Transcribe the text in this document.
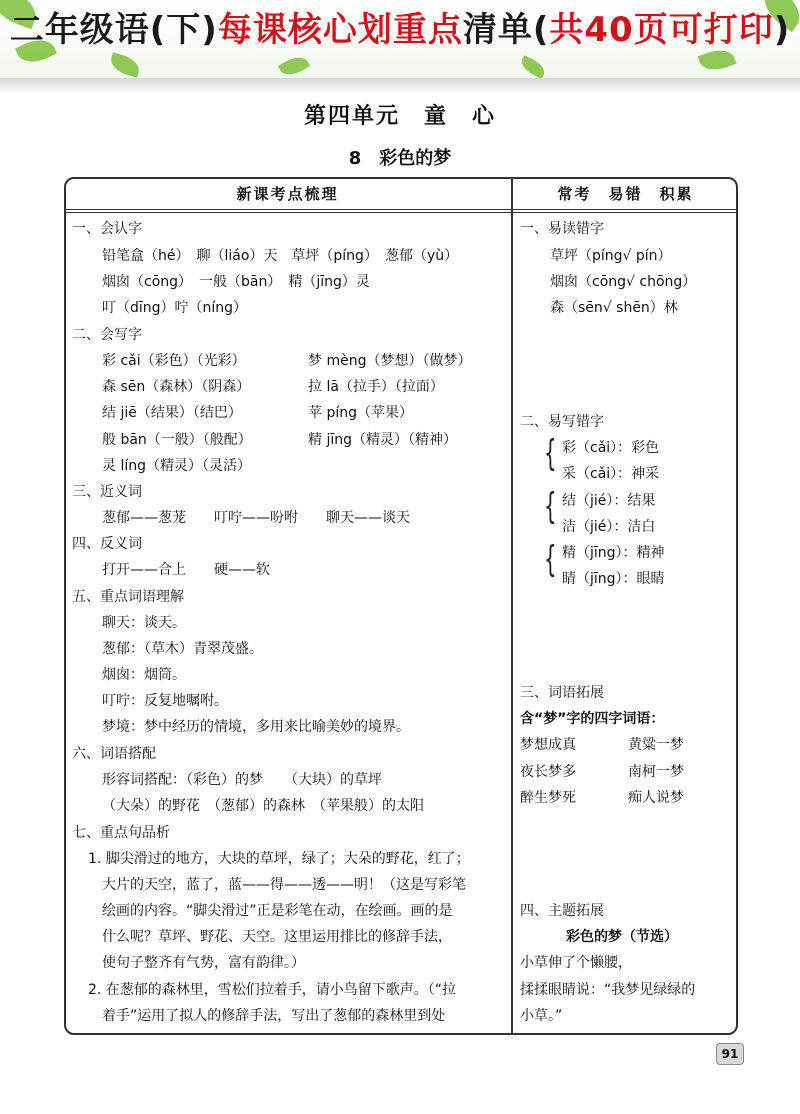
二年级语(下)每课核心划重点清单(共40页可打印)
第四单元　童　心
8　彩色的梦
新课考点梳理	常考　易错　积累
一、会认字
铅笔盒（hé）　聊（liáo）天　草坪（píng）　葱郁（yù）
烟囱（cōng）　一般（bān）　精（jīng）灵
叮（dīng）咛（níng）
二、会写字
彩 cǎi（彩色）（光彩）	梦 mèng（梦想）（做梦）
森 sēn（森林）（阴森）	拉 lā（拉手）（拉面）
结 jiē（结果）（结巴）	苹 píng（苹果）
般 bān（一般）（般配）	精 jīng（精灵）（精神）
灵 líng（精灵）（灵活）
三、近义词
葱郁——葱茏　　叮咛——吩咐　　聊天——谈天
四、反义词
打开——合上　　硬——软
五、重点词语理解
聊天：谈天。
葱郁：（草木）青翠茂盛。
烟囱：烟筒。
叮咛：反复地嘱咐。
梦境：梦中经历的情境，多用来比喻美妙的境界。
六、词语搭配
形容词搭配：（彩色）的梦　　（大块）的草坪
（大朵）的野花　（葱郁）的森林　（苹果般）的太阳
七、重点句品析
1. 脚尖滑过的地方，大块的草坪，绿了；大朵的野花，红了；
大片的天空，蓝了，蓝——得——透——明！（这是写彩笔
绘画的内容。“脚尖滑过”正是彩笔在动，在绘画。画的是
什么呢？草坪、野花、天空。这里运用排比的修辞手法，
使句子整齐有气势，富有韵律。）
2. 在葱郁的森林里，雪松们拉着手，请小鸟留下歌声。（“拉
着手”运用了拟人的修辞手法，写出了葱郁的森林里到处
一、易读错字
草坪（píng√ pín）
烟囱（cōng√ chōng）
森（sēn√ shēn）林
二、易写错字
{ 彩（cǎi）：彩色
采（cǎi）：神采
{ 结（jié）：结果
洁（jié）：洁白
{ 精（jīng）：精神
睛（jīng）：眼睛
三、词语拓展
含“梦”字的四字词语：
梦想成真	黄粱一梦
夜长梦多	南柯一梦
醉生梦死	痴人说梦
四、主题拓展
彩色的梦（节选）
小草伸了个懒腰，
揉揉眼睛说：“我梦见绿绿的
小草。”
91
